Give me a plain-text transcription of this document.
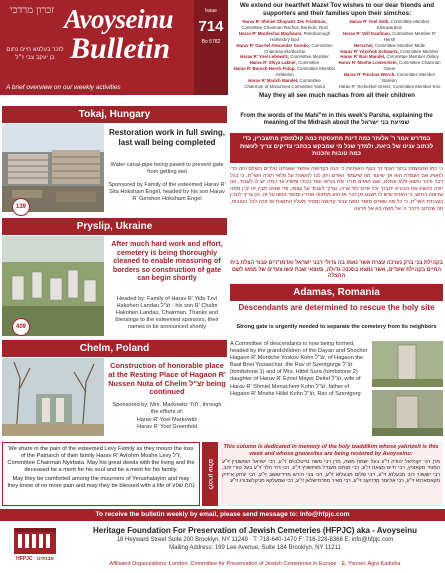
זכרון מרדכי Avoyseinu
Bulletin
לזכר בעלמא חיים נחום בן יעקב צבי ז״ל
A brief overview on our weekly activities
Issue
714
Bo 5782
We extend our heartfelt Mazel Tov wishes to our dear friends and supporters and their families upon their simchos:
Harav R' Shmiel Shaywitz Zev Friedman, Committee Chairman Rachov, Berlecik, Rusl
Harav R' Mordechai Maybaum, Peterborough Harkitsbry Bod
Harav R' Gavriel Alexander Gombo, Committee Chairman Mordechai
Harav R' Yoel Lebowitz, Committee Member
Harav R' Shiya Lakner, Committee
Harav R' Burech Hersh Fulop, Committee Member Ashkelon
Harav R' Barich Mandel, Committee
Chairman of Monument Committee Yanul
Harav R' Yoel Gelb, Committee Member Kleinwardein
Harav R' Volf Kaufman, Committee Member R' Hersh
Herschel, Committee Member Midle
Harav R' Yitzchok Schwartz, Committee Member
Harav R' Bari Mandel, Committee Member Zsiliny
Harav R' Moshe Lowenstein, Committee Chairman Gyere
Harav R' Pinchas Worch, Committee Member Banisin
Harav R' Yechezkel Greisz, Committee Member Krio
May they all see much nachas from all their children
Tokaj, Hungary
139
Restoration work in full swing, last wall being completed
Water canal-pipe being paved to prevent gate from getting wet
Sponsored by Family of the esteemed Harav R' Sita Hoksham Engel, headed by his son Harav R' Gershon Hoksham Engel
Pryslip, Ukraine
409
After much hard work and effort, cemetery is being thoroughly cleaned to enable measuring of borders so construction of gate can begin shortly
Headed by: Family of Harav R' Yida Tzvi Hakohen Landau זצ"ל - his son R' Chaim Hakohen Landau, Chairman. Thanks and blessings to the esteemed sponsors, their names to be announced shortly
From the words of the Mahi"m in this week's Parsha, explaining the meaning of the Midrash about the שמיעת בני ישראל
במדרש אמר ר' אלעזר כמה דינת מתעסקת כמה קולמוסין מתשברין, כדי לכתוב ענינו של ביאת, ולמדך שכל מי שמבקש בכתבי צדיקים צריך לעשות כמה טובות והכנות
כי כמו שהנשמה בתוך הגוף כך בגוף האותיות כי הנה בקדושה אפשר שאנחנו נולדים בעולם הזה כדי להשיג אם העמדה הוא אך שיעור מה שיעמוד האדם ויתן לבו להשגיח על פלאי תורה השי"ת, כי בכל דבר ודבר נמצא פלא ונפלא, ואם האדם מכיר את בוראו ואת כבודו ומשיג עד כמה יש לו לעבוד, ואז יזכה להשיג את הבורא יתברך וכל אדם לפי ערכו, וצריך לעבוד על עצמו, ומי שאינו מבין זה יבין ממה שרואה בחוש, כי האדם שיש לו תענוג מן דבר אז הוא מתאוה אחריו ומוסר נפשו על זה, וכן צריך להבין בעבודת השי"ת, כי כל מה שאדם מוסר נפשו עבור קדושה ומסיר מעליו התאוות אז זוכה לכל הטובות, וזה שכתוב וידבר ה' אל משה בא אל פרעה
בקהילת בני ברק נערכה עצרת אשר נאמו בה גדולי רבני ישראל ואדמו"רים עבור הצלת בית החיים בקהילת שעדים, אשר נמצא בסכנה גדולה, ומוצאי שבת עשו צעדים של ממש לשם ההצלה
Chelm, Poland
Construction of honorable place at the Resting Place of Hagaon R' Nussen Nuta of Chelm זצ"ל being continued
Sponsored by: Mrs. Markowitz תחי', through the efforts of:
Harav R' Yoel Markowitz
Harav R' Yoel Greenfeld
Adamas, Romania
Descendants are determined to rescue the holy site
Strong gate is urgently needed to separate the cemetery from its neighbors
A Committee of descendants is now being formed, headed by the grandchildren of the Dayan and Shochet Hagaon R' Mordche Yoskov Kohn זצ"ל, of Hagaon the Baal Bnei Yissaschar, the Rav of Szentgorge זצ"ל (tombstone 1) and of Mrs. Hittel Sura (tombstone 2) daughter of Harav R' Ezriel Mayer Deitel זצ"ל, wife of Harav R' Shmiel Menachem Kohn זצ"ל, father of Hagaon R' Moshe Hillel Kohn זצ"ל, Rav of Szentgorg
We share in the pain of the esteemed Levy Family as they mourn the loss of the Patriarch of their family Harav R' Avrohm Moshe Levy ז"ל, Committee Chairman Nyirbata. May his great deeds with the living and the deceased be a merit for his soul and be a merit for his family.
May they be comforted among the mourners of Yerushalayim and may they know of no more pain and may they be blessed with a life of נחת שפע	לזכרון עולם
This column is dedicated in memory of the holy tzaddikim whose yahrtzeit is this week and whose gravesites are being restored by Avoyseinu:
מרן רבי יקותיאל יהודה זי"ע בעל ישמח משה, מרן רבי משה טייטלבוים זי"ע, רבי ישראל הופשטיין זי"ע המגיד מקאזניץ, רבי חיים מצאנז זי"ע, רבי מנחם מענדל מוויזשניץ זי"ע, רבי דוד הלוי זי"ע בעל טורי זהב, רבי יששכר דוב מבעלזא זי"ע, רבי שלום מבעלזא זי"ע, רבי צבי הירש מזידיטשוב זי"ע, רבי יצחק אייזיק מקאמארנא זי"ע, רבי אליעזר מדזיקוב זי"ע, רבי מאיר מפרמישלאן זי"ע, רבי שמעלקא מניקלשבורג זי"ע
To receive the bulletin weekly by email, please send message to: Info@hfpjc.com
HFPJC · אבותינו
Heritage Foundation For Preservation of Jewish Cemeteries (HFPJC) aka - Avoyseinu
18 Heyward Street Suite 200 Brooklyn, NY 11249 · T: 718-640-1470 F: 718-228-8368 E: info@hfpjc.com
Mailing Address: 199 Lee Avenue, Suite 184 Brooklyn, NY 11211
Affiliated Organizations: London: Committee for Preservation of Jewish Cemeteries in Europe · E. Yisroel: Agra Kadisha
